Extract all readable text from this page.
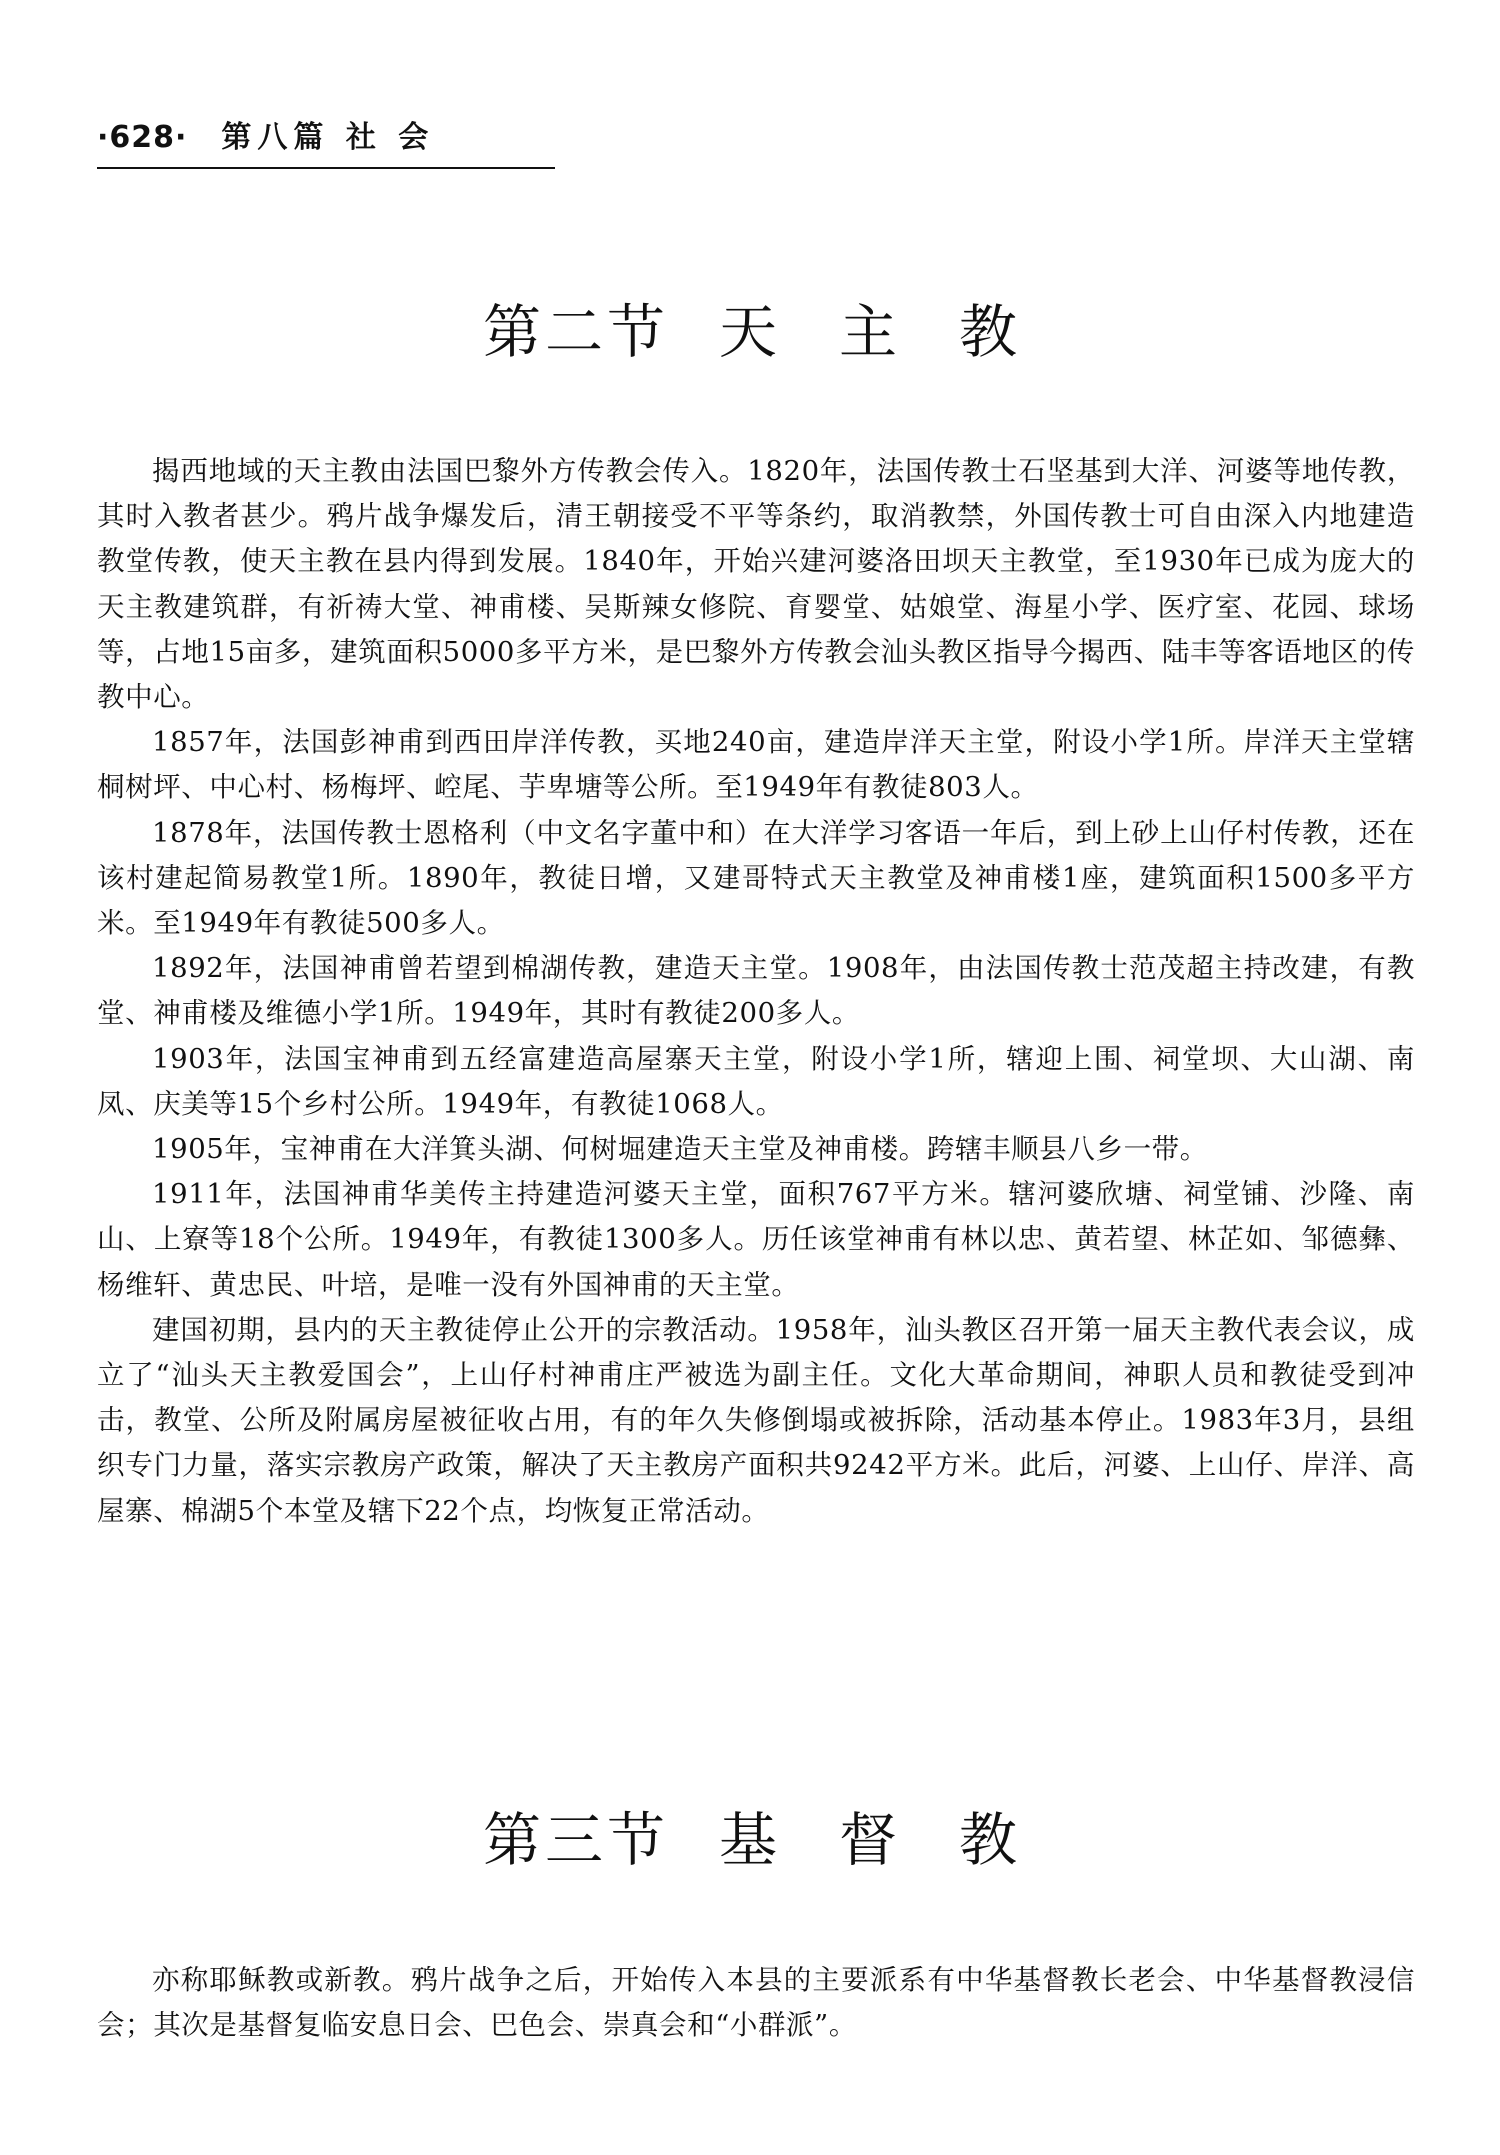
·628· 第八篇 社 会
第二节 天主教

揭西地域的天主教由法国巴黎外方传教会传入。1820年，法国传教士石坚基到大洋、河婆等地传教，其时入教者甚少。鸦片战争爆发后，清王朝接受不平等条约，取消教禁，外国传教士可自由深入内地建造教堂传教，使天主教在县内得到发展。1840年，开始兴建河婆洛田坝天主教堂，至1930年已成为庞大的天主教建筑群，有祈祷大堂、神甫楼、吴斯辣女修院、育婴堂、姑娘堂、海星小学、医疗室、花园、球场等，占地15亩多，建筑面积5000多平方米，是巴黎外方传教会汕头教区指导今揭西、陆丰等客语地区的传教中心。

1857年，法国彭神甫到西田岸洋传教，买地240亩，建造岸洋天主堂，附设小学1所。岸洋天主堂辖桐树坪、中心村、杨梅坪、崆尾、芋卑塘等公所。至1949年有教徒803人。

1878年，法国传教士恩格利（中文名字董中和）在大洋学习客语一年后，到上砂上山仔村传教，还在该村建起简易教堂1所。1890年，教徒日增，又建哥特式天主教堂及神甫楼1座，建筑面积1500多平方米。至1949年有教徒500多人。

1892年，法国神甫曾若望到棉湖传教，建造天主堂。1908年，由法国传教士范茂超主持改建，有教堂、神甫楼及维德小学1所。1949年，其时有教徒200多人。

1903年，法国宝神甫到五经富建造高屋寨天主堂，附设小学1所，辖迎上围、祠堂坝、大山湖、南凤、庆美等15个乡村公所。1949年，有教徒1068人。

1905年，宝神甫在大洋箕头湖、何树堀建造天主堂及神甫楼。跨辖丰顺县八乡一带。

1911年，法国神甫华美传主持建造河婆天主堂，面积767平方米。辖河婆欣塘、祠堂铺、沙隆、南山、上寮等18个公所。1949年，有教徒1300多人。历任该堂神甫有林以忠、黄若望、林芷如、邹德彝、杨维轩、黄忠民、叶培，是唯一没有外国神甫的天主堂。

建国初期，县内的天主教徒停止公开的宗教活动。1958年，汕头教区召开第一届天主教代表会议，成立了“汕头天主教爱国会”，上山仔村神甫庄严被选为副主任。文化大革命期间，神职人员和教徒受到冲击，教堂、公所及附属房屋被征收占用，有的年久失修倒塌或被拆除，活动基本停止。1983年3月，县组织专门力量，落实宗教房产政策，解决了天主教房产面积共9242平方米。此后，河婆、上山仔、岸洋、高屋寨、棉湖5个本堂及辖下22个点，均恢复正常活动。

第三节 基督教

亦称耶稣教或新教。鸦片战争之后，开始传入本县的主要派系有中华基督教长老会、中华基督教浸信会；其次是基督复临安息日会、巴色会、崇真会和“小群派”。
